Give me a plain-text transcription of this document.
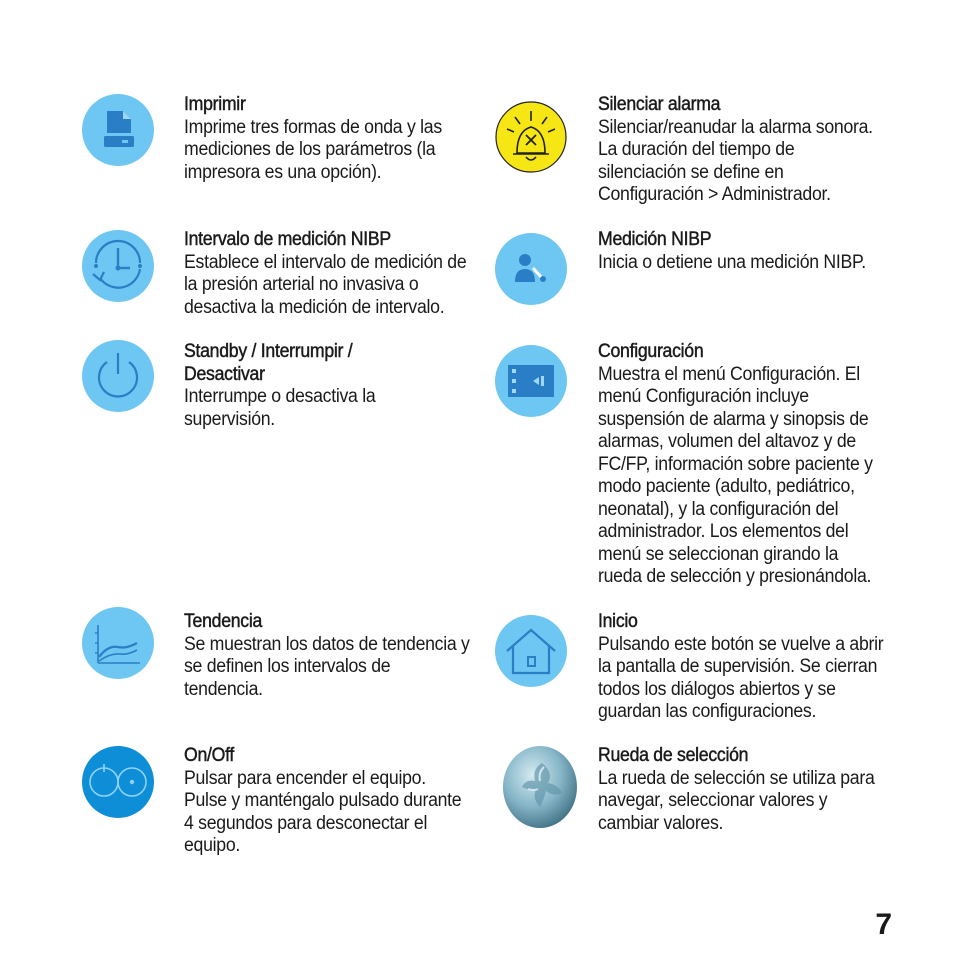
Imprimir
Imprime tres formas de onda y las
mediciones de los parámetros (la
impresora es una opción).
Silenciar alarma
Silenciar/reanudar la alarma sonora.
La duración del tiempo de
silenciación se define en
Configuración > Administrador.
Intervalo de medición NIBP
Establece el intervalo de medición de
la presión arterial no invasiva o
desactiva la medición de intervalo.
Medición NIBP
Inicia o detiene una medición NIBP.
Standby / Interrumpir /
Desactivar
Interrumpe o desactiva la
supervisión.
Configuración
Muestra el menú Configuración. El
menú Configuración incluye
suspensión de alarma y sinopsis de
alarmas, volumen del altavoz y de
FC/FP, información sobre paciente y
modo paciente (adulto, pediátrico,
neonatal), y la configuración del
administrador. Los elementos del
menú se seleccionan girando la
rueda de selección y presionándola.
Tendencia
Se muestran los datos de tendencia y
se definen los intervalos de
tendencia.
Inicio
Pulsando este botón se vuelve a abrir
la pantalla de supervisión. Se cierran
todos los diálogos abiertos y se
guardan las configuraciones.
On/Off
Pulsar para encender el equipo.
Pulse y manténgalo pulsado durante
4 segundos para desconectar el
equipo.
Rueda de selección
La rueda de selección se utiliza para
navegar, seleccionar valores y
cambiar valores.
7
